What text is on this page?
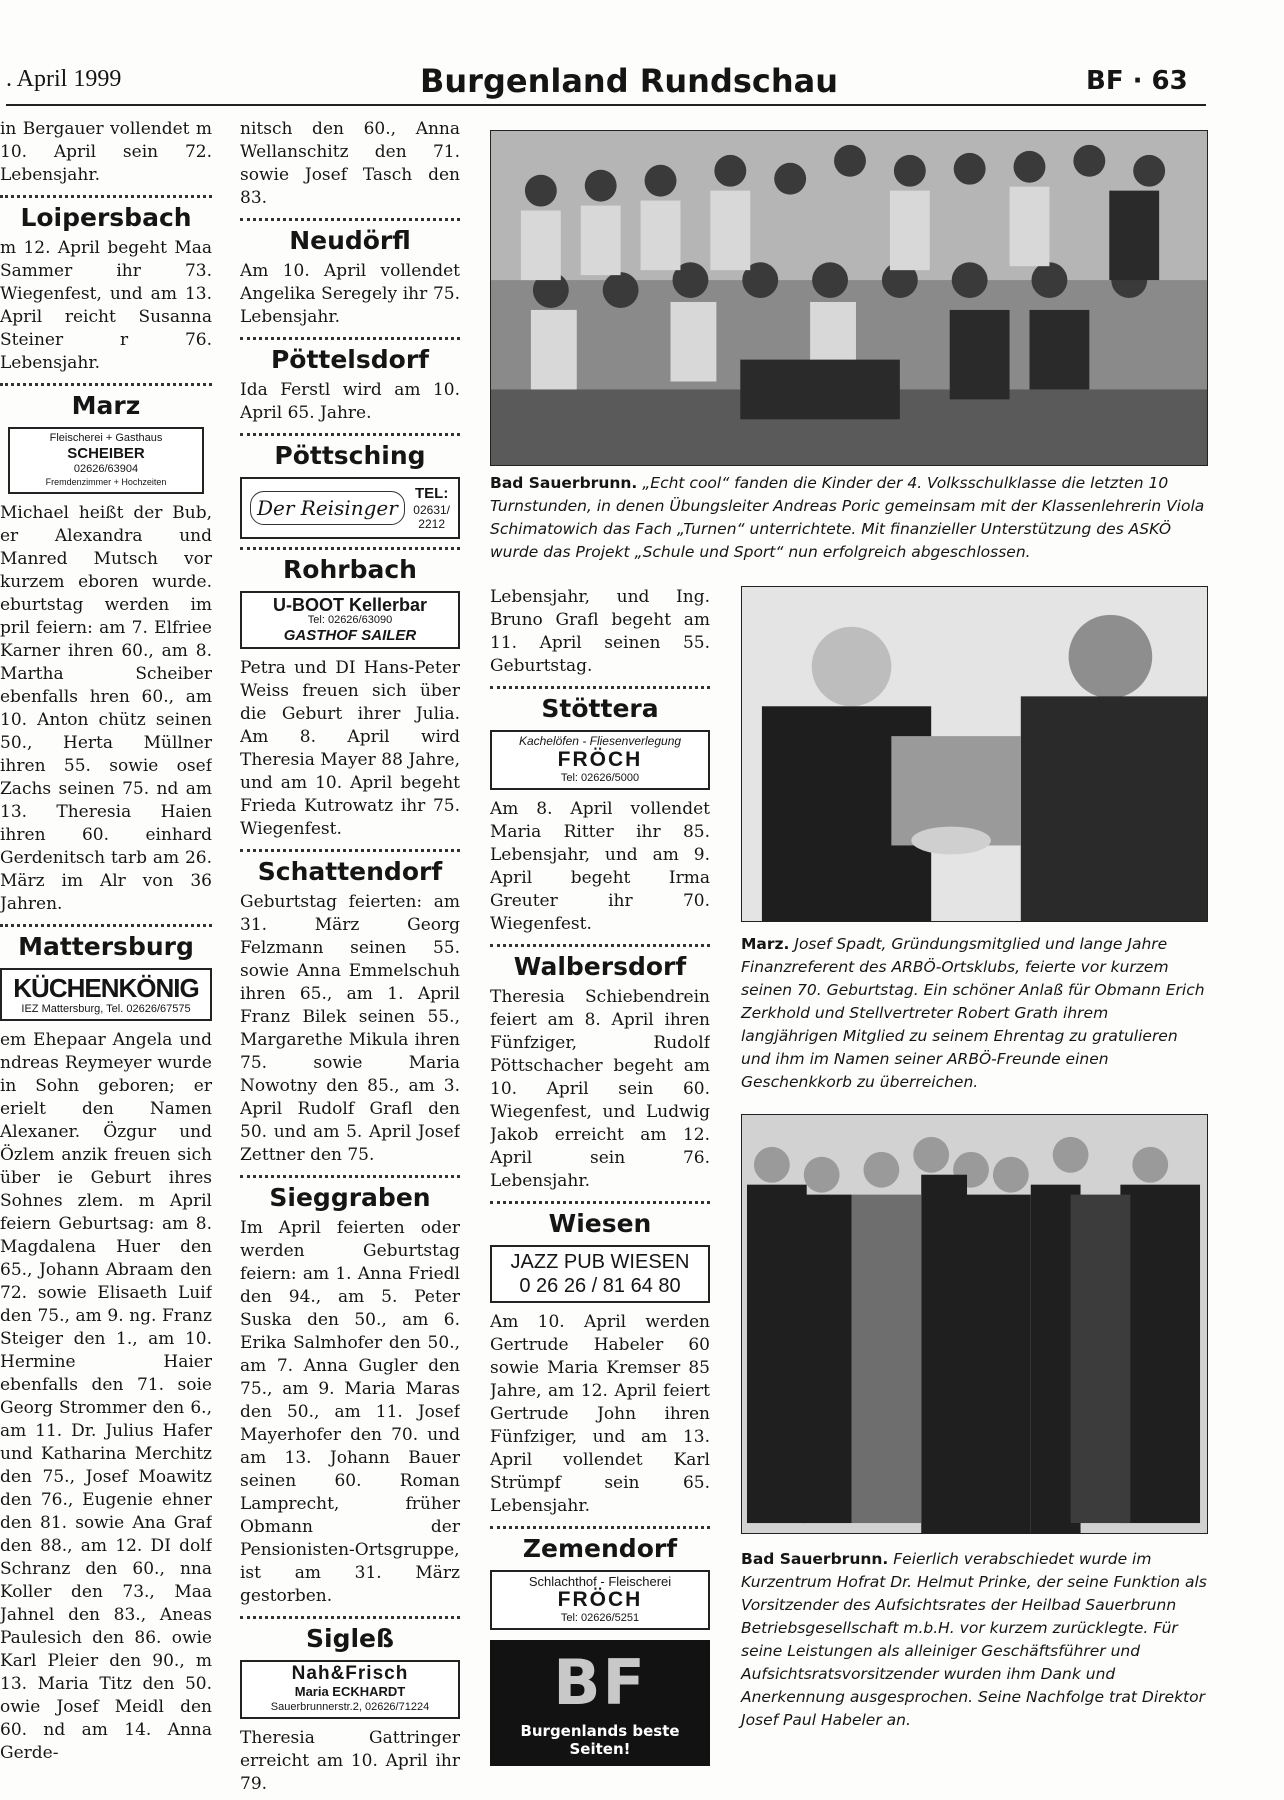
. April 1999	Burgenland Rundschau	BF · 63

in Bergauer vollendet m 10. April sein 72. Lebensjahr.

Loipersbach

m 12. April begeht Maa Sammer ihr 73. Wiegenfest, und am 13. April reicht Susanna Steiner r 76. Lebensjahr.

Marz
Fleischerei + Gasthaus
SCHEIBER
02626/63904
Fremdenzimmer + Hochzeiten

Michael heißt der Bub, er Alexandra und Manred Mutsch vor kurzem eboren wurde. eburtstag werden im pril feiern: am 7. Elfriee Karner ihren 60., am 8. Martha Scheiber ebenfalls hren 60., am 10. Anton chütz seinen 50., Herta Müllner ihren 55. sowie osef Zachs seinen 75. nd am 13. Theresia Haien ihren 60. einhard Gerdenitsch tarb am 26. März im Alr von 36 Jahren.

Mattersburg
KÜCHENKÖNIG
IEZ Mattersburg, Tel. 02626/67575

em Ehepaar Angela und ndreas Reymeyer wurde in Sohn geboren; er erielt den Namen Alexaner. Özgur und Özlem anzik freuen sich über ie Geburt ihres Sohnes zlem. m April feiern Geburtsag: am 8. Magdalena Huer den 65., Johann Abraam den 72. sowie Elisaeth Luif den 75., am 9. ng. Franz Steiger den 1., am 10. Hermine Haier ebenfalls den 71. soie Georg Strommer den 6., am 11. Dr. Julius Hafer und Katharina Merchitz den 75., Josef Moawitz den 76., Eugenie ehner den 81. sowie Ana Graf den 88., am 12. DI dolf Schranz den 60., nna Koller den 73., Maa Jahnel den 83., Aneas Paulesich den 86. owie Karl Pleier den 90., m 13. Maria Titz den 50. owie Josef Meidl den 60. nd am 14. Anna Gerde-

nitsch den 60., Anna Wellanschitz den 71. sowie Josef Tasch den 83.

Neudörfl

Am 10. April vollendet Angelika Seregely ihr 75. Lebensjahr.

Pöttelsdorf

Ida Ferstl wird am 10. April 65. Jahre.

Pöttsching
Der Reisinger
TEL:
02631/
2212
Rohrbach
U-BOOT Kellerbar
Tel: 02626/63090
GASTHOF SAILER

Petra und DI Hans-Peter Weiss freuen sich über die Geburt ihrer Julia. Am 8. April wird Theresia Mayer 88 Jahre, und am 10. April begeht Frieda Kutrowatz ihr 75. Wiegenfest.

Schattendorf

Geburtstag feierten: am 31. März Georg Felzmann seinen 55. sowie Anna Emmelschuh ihren 65., am 1. April Franz Bilek seinen 55., Margarethe Mikula ihren 75. sowie Maria Nowotny den 85., am 3. April Rudolf Grafl den 50. und am 5. April Josef Zettner den 75.

Sieggraben

Im April feierten oder werden Geburtstag feiern: am 1. Anna Friedl den 94., am 5. Peter Suska den 50., am 6. Erika Salmhofer den 50., am 7. Anna Gugler den 75., am 9. Maria Maras den 50., am 11. Josef Mayerhofer den 70. und am 13. Johann Bauer seinen 60. Roman Lamprecht, früher Obmann der Pensionisten-Ortsgruppe, ist am 31. März gestorben.

Sigleß
Nah&Frisch
Maria ECKHARDT
Sauerbrunnerstr.2, 02626/71224

Theresia Gattringer erreicht am 10. April ihr 79.

Bad Sauerbrunn. „Echt cool“ fanden die Kinder der 4. Volksschulklasse die letzten 10 Turnstunden, in denen Übungsleiter Andreas Poric gemeinsam mit der Klassenlehrerin Viola Schimatowich das Fach „Turnen“ unterrichtete. Mit finanzieller Unterstützung des ASKÖ wurde das Projekt „Schule und Sport“ nun erfolgreich abgeschlossen.
Marz. Josef Spadt, Gründungsmitglied und lange Jahre Finanzreferent des ARBÖ-Ortsklubs, feierte vor kurzem seinen 70. Geburtstag. Ein schöner Anlaß für Obmann Erich Zerkhold und Stellvertreter Robert Grath ihrem langjährigen Mitglied zu seinem Ehrentag zu gratulieren und ihm im Namen seiner ARBÖ-Freunde einen Geschenkkorb zu überreichen.
Bad Sauerbrunn. Feierlich verabschiedet wurde im Kurzentrum Hofrat Dr. Helmut Prinke, der seine Funktion als Vorsitzender des Aufsichtsrates der Heilbad Sauerbrunn Betriebsgesellschaft m.b.H. vor kurzem zurücklegte. Für seine Leistungen als alleiniger Geschäftsführer und Aufsichtsratsvorsitzender wurden ihm Dank und Anerkennung ausgesprochen. Seine Nachfolge trat Direktor Josef Paul Habeler an.

Lebensjahr, und Ing. Bruno Grafl begeht am 11. April seinen 55. Geburtstag.

Stöttera
Kachelöfen - Fliesenverlegung
FRÖCH
Tel: 02626/5000

Am 8. April vollendet Maria Ritter ihr 85. Lebensjahr, und am 9. April begeht Irma Greuter ihr 70. Wiegenfest.

Walbersdorf

Theresia Schiebendrein feiert am 8. April ihren Fünfziger, Rudolf Pöttschacher begeht am 10. April sein 60. Wiegenfest, und Ludwig Jakob erreicht am 12. April sein 76. Lebensjahr.

Wiesen
JAZZ PUB WIESEN
0 26 26 / 81 64 80

Am 10. April werden Gertrude Habeler 60 sowie Maria Kremser 85 Jahre, am 12. April feiert Gertrude John ihren Fünfziger, und am 13. April vollendet Karl Strümpf sein 65. Lebensjahr.

Zemendorf
Schlachthof - Fleischerei
FRÖCH
Tel: 02626/5251
BF
Burgenlands beste Seiten!
